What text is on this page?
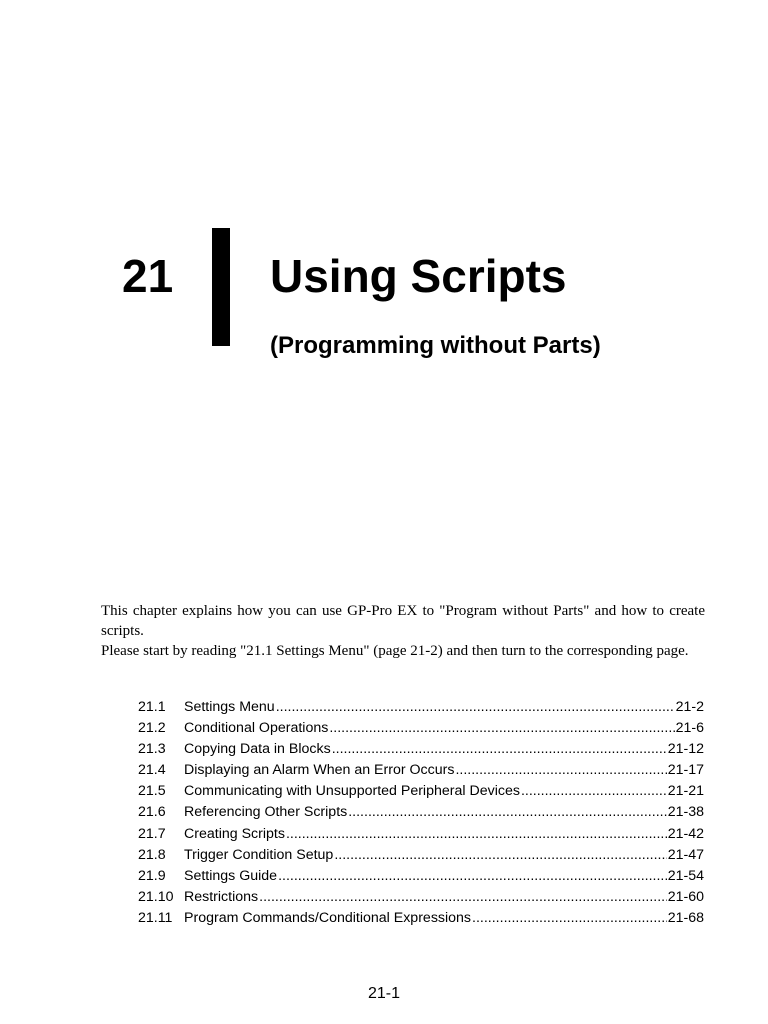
21 Using Scripts
(Programming without Parts)

This chapter explains how you can use GP-Pro EX to "Program without Parts" and how to create scripts.

Please start by reading "21.1 Settings Menu" (page 21-2) and then turn to the corresponding page.

21.1	Settings Menu .....	21-2
21.2	Conditional Operations .....	21-6
21.3	Copying Data in Blocks .....	21-12
21.4	Displaying an Alarm When an Error Occurs .....	21-17
21.5	Communicating with Unsupported Peripheral Devices .....	21-21
21.6	Referencing Other Scripts .....	21-38
21.7	Creating Scripts .....	21-42
21.8	Trigger Condition Setup .....	21-47
21.9	Settings Guide .....	21-54
21.10 Restrictions .....	21-60
21.11 Program Commands/Conditional Expressions .....	21-68
21-1
